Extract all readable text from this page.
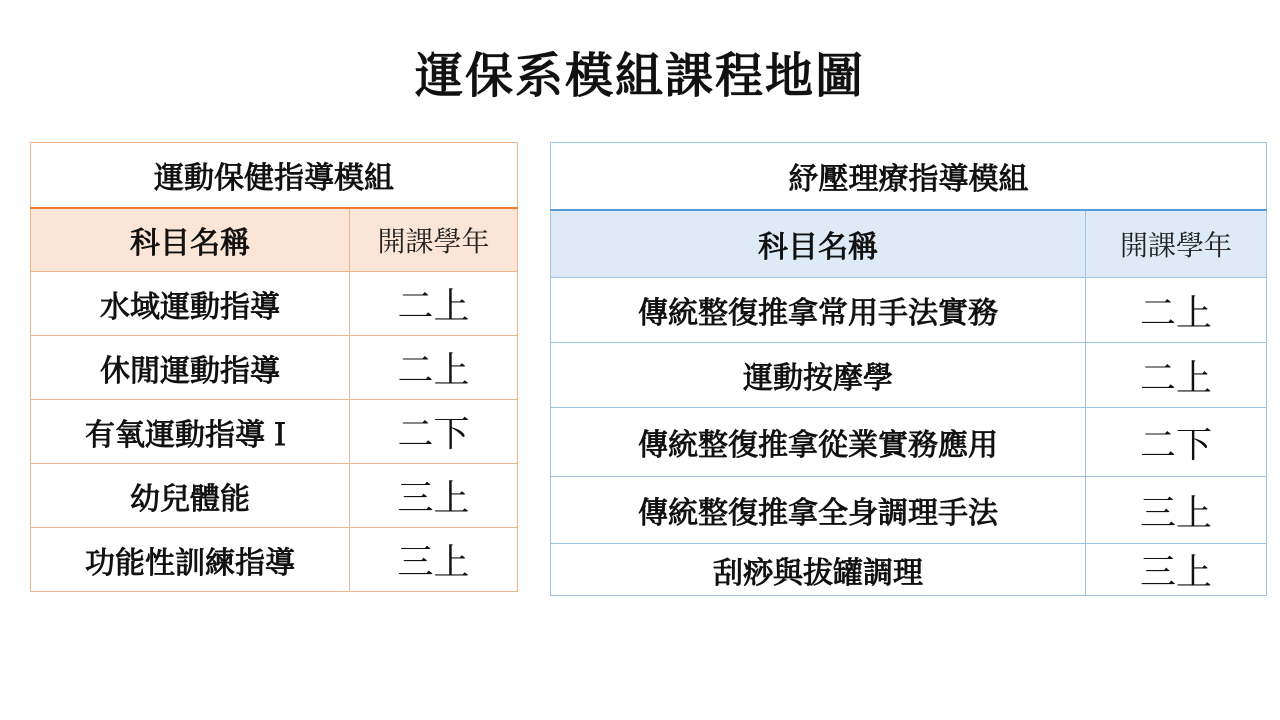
運保系模組課程地圖
運動保健指導模組	
科目名稱	開課學年
水域運動指導	二上
休閒運動指導	二上
有氧運動指導Ｉ	二下
幼兒體能	三上
功能性訓練指導	三上
紓壓理療指導模組	
科目名稱	開課學年
傳統整復推拿常用手法實務	二上
運動按摩學	二上
傳統整復推拿從業實務應用	二下
傳統整復推拿全身調理手法	三上
刮痧與拔罐調理	三上
